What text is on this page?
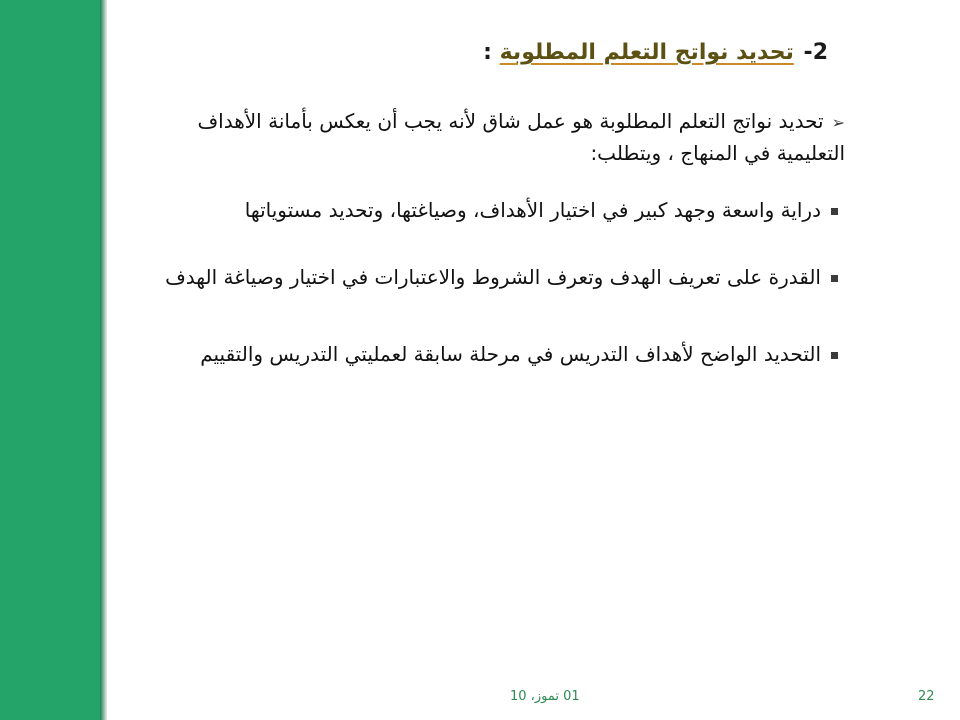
2- تحديد نواتج التعلم المطلوبة :
➢تحديد نواتج التعلم المطلوبة هو عمل شاق لأنه يجب أن يعكس بأمانة الأهداف التعليمية في المنهاج ، ويتطلب:
دراية واسعة وجهد كبير في اختيار الأهداف، وصياغتها، وتحديد مستوياتها
القدرة على تعريف الهدف وتعرف الشروط والاعتبارات في اختيار وصياغة الهدف
التحديد الواضح لأهداف التدريس في مرحلة سابقة لعمليتي التدريس والتقييم
01 تموز، 10	22
